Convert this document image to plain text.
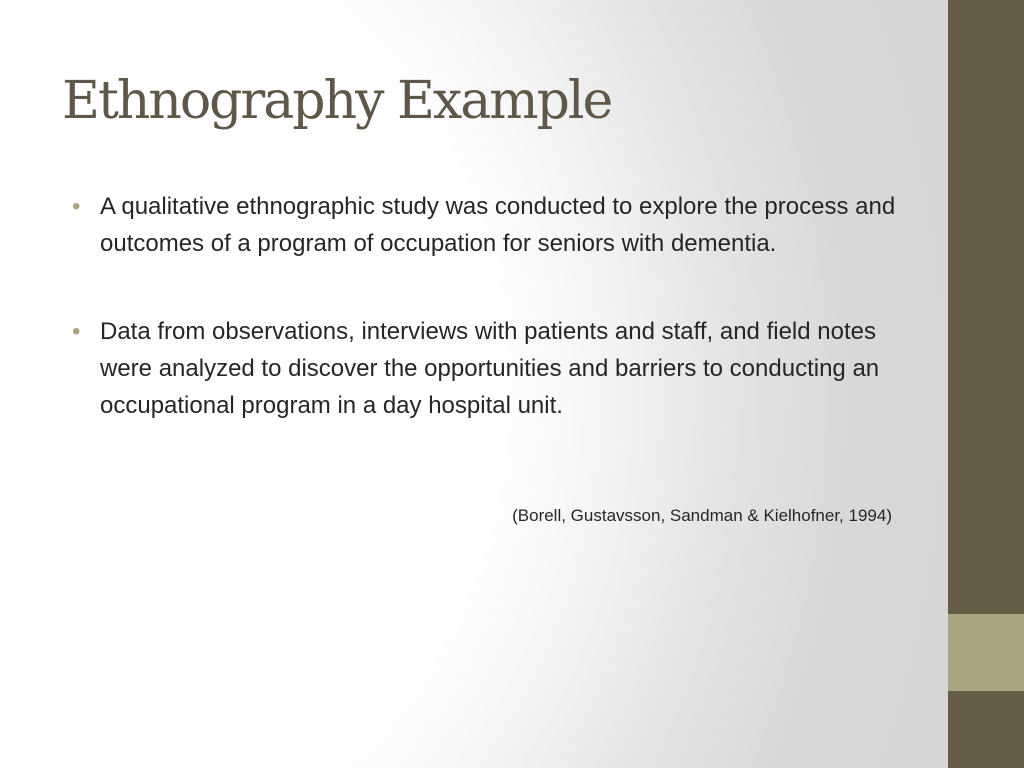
Ethnography Example
• A qualitative ethnographic study was conducted to explore the process and outcomes of a program of occupation for seniors with dementia.
• Data from observations, interviews with patients and staff, and field notes were analyzed to discover the opportunities and barriers to conducting an occupational program in a day hospital unit.
(Borell, Gustavsson, Sandman & Kielhofner, 1994)
